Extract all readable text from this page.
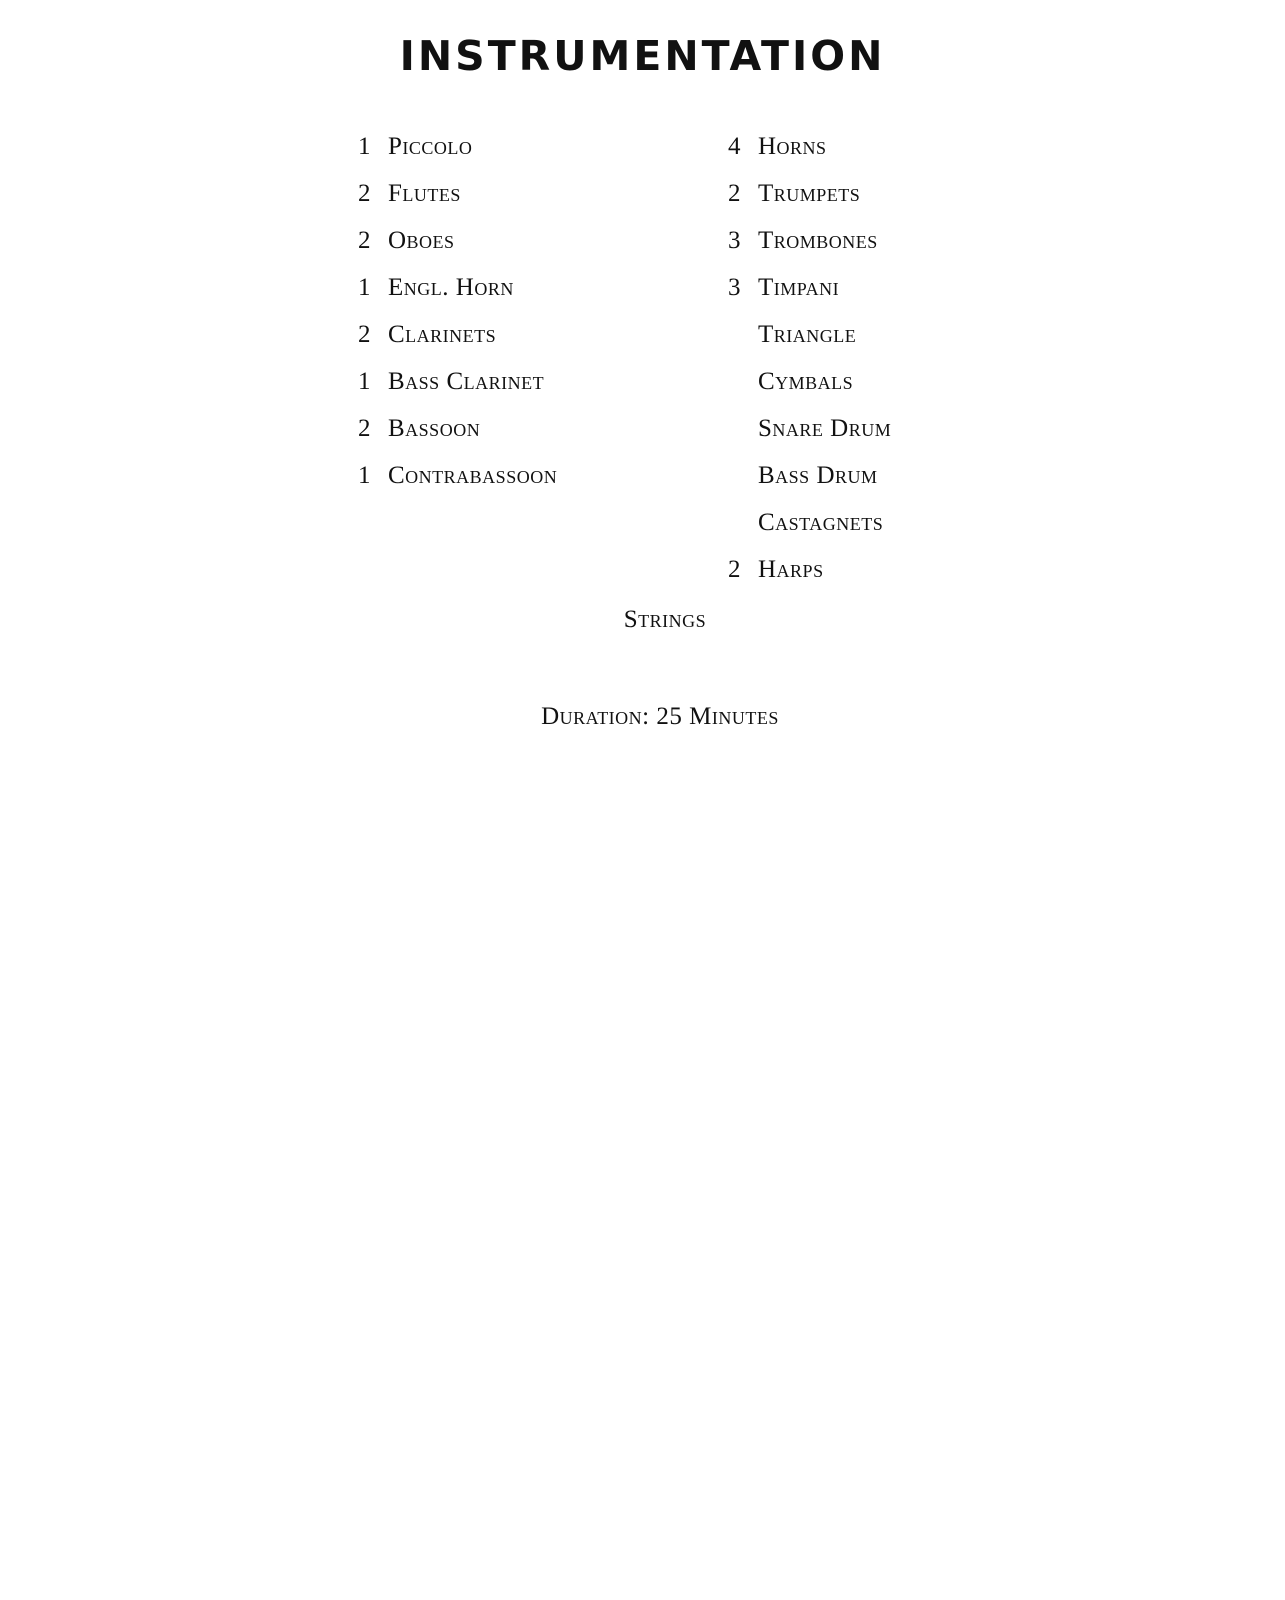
INSTRUMENTATION
1 Piccolo
2 Flutes
2 Oboes
1 Engl. Horn
2 Clarinets
1 Bass Clarinet
2 Bassoon
1 Contrabassoon
4 Horns
2 Trumpets
3 Trombones
3 Timpani
Triangle
Cymbals
Snare Drum
Bass Drum
Castagnets
2 Harps
Strings
Duration: 25 Minutes
